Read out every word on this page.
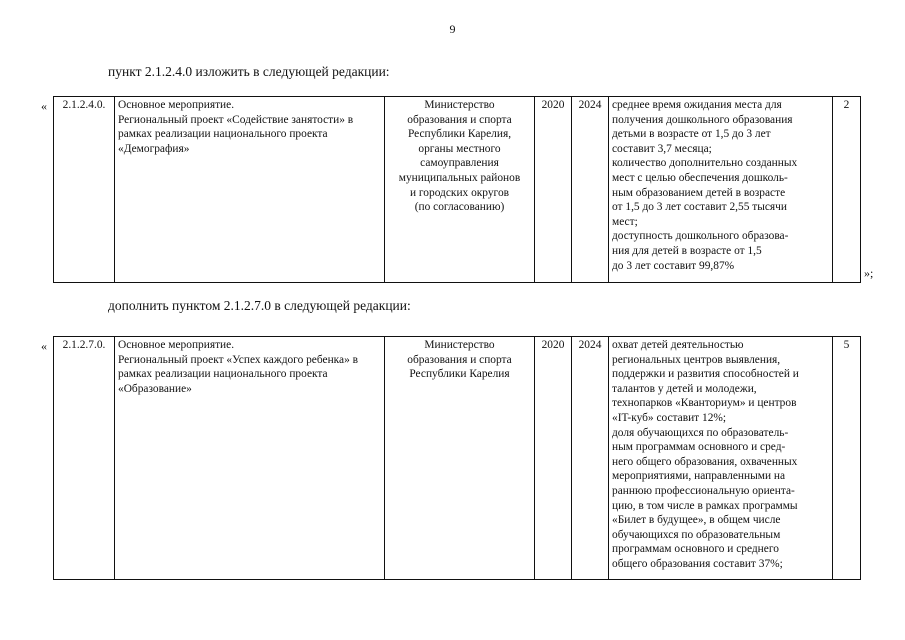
9
пункт 2.1.2.4.0 изложить в следующей редакции:
« 2.1.2.4.0.	Основное мероприятие.
Региональный проект «Содействие занятости» в рамках реализации национального проекта «Демография»	Министерство
образования и спорта
Республики Карелия,
органы местного
самоуправления
муниципальных районов
и городских округов
(по согласованию)	2020	2024	среднее время ожидания места для
получения дошкольного образования
детьми в возрасте от 1,5 до 3 лет
составит 3,7 месяца;
количество дополнительно созданных
мест с целью обеспечения дошколь-
ным образованием детей в возрасте
от 1,5 до 3 лет составит 2,55 тысячи
мест;
доступность дошкольного образова-
ния для детей в возрасте от 1,5
до 3 лет составит 99,87%	2
»;
дополнить пунктом 2.1.2.7.0 в следующей редакции:
« 2.1.2.7.0.	Основное мероприятие.
Региональный проект «Успех каждого ребенка» в рамках реализации национального проекта «Образование»	Министерство
образования и спорта
Республики Карелия	2020	2024	охват детей деятельностью
региональных центров выявления,
поддержки и развития способностей и
талантов у детей и молодежи,
технопарков «Кванториум» и центров
«IT-куб» составит 12%;
доля обучающихся по образователь-
ным программам основного и сред-
него общего образования, охваченных
мероприятиями, направленными на
раннюю профессиональную ориента-
цию, в том числе в рамках программы
«Билет в будущее», в общем числе
обучающихся по образовательным
программам основного и среднего
общего образования составит 37%;	5
